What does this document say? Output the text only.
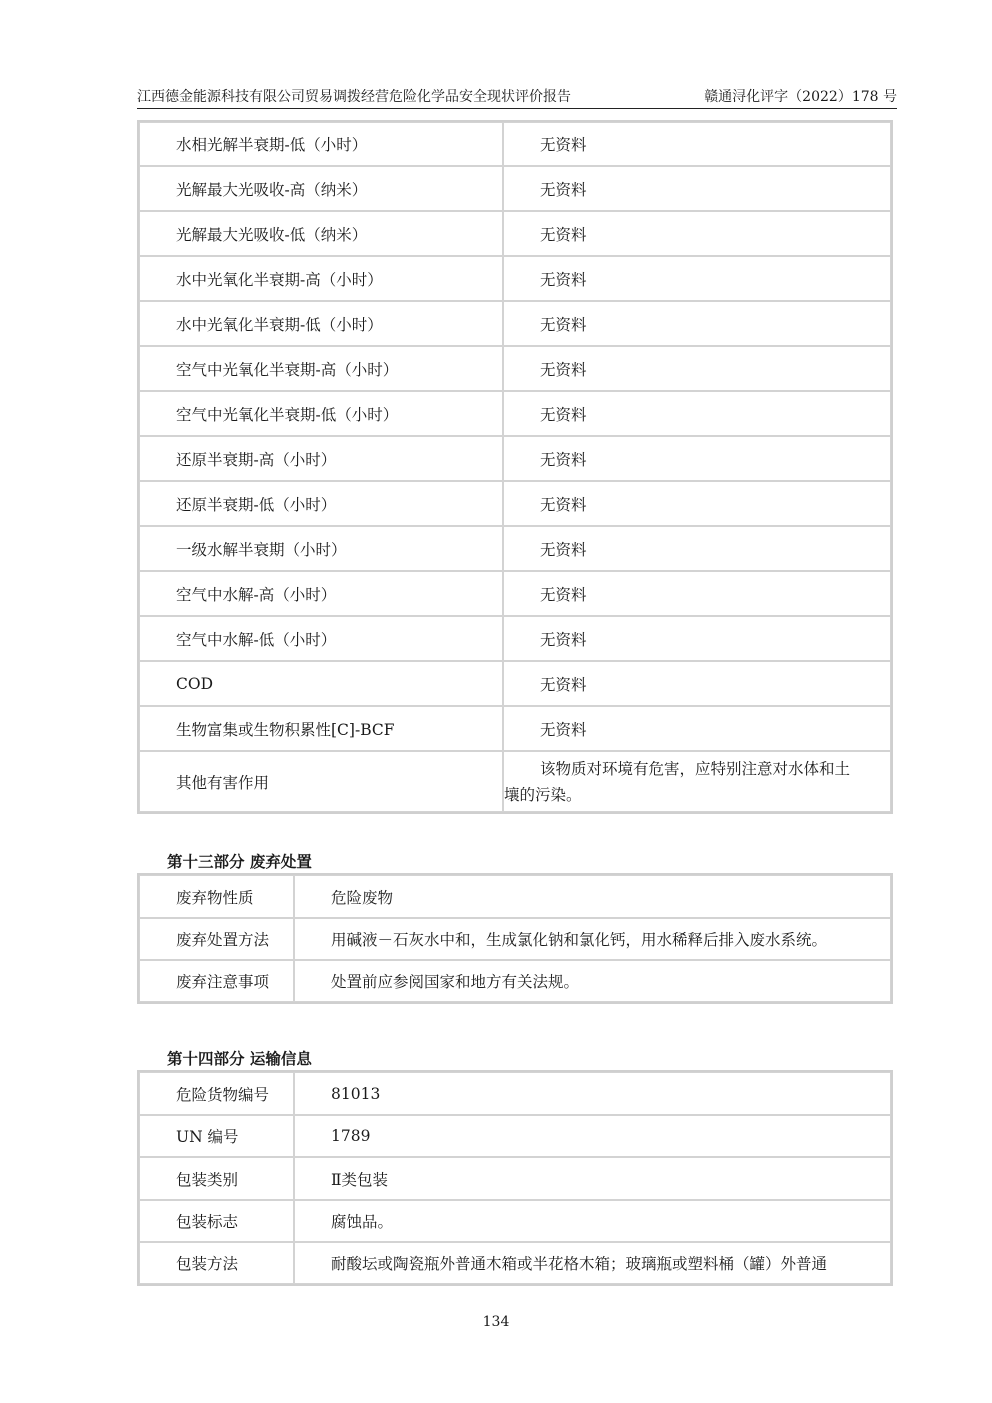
江西德金能源科技有限公司贸易调拨经营危险化学品安全现状评价报告	赣通浔化评字（2022）178 号
水相光解半衰期-低（小时）	无资料
光解最大光吸收-高（纳米）	无资料
光解最大光吸收-低（纳米）	无资料
水中光氧化半衰期-高（小时）	无资料
水中光氧化半衰期-低（小时）	无资料
空气中光氧化半衰期-高（小时）	无资料
空气中光氧化半衰期-低（小时）	无资料
还原半衰期-高（小时）	无资料
还原半衰期-低（小时）	无资料
一级水解半衰期（小时）	无资料
空气中水解-高（小时）	无资料
空气中水解-低（小时）	无资料
COD	无资料
生物富集或生物积累性[C]-BCF	无资料
其他有害作用	该物质对环境有危害，应特别注意对水体和土
壤的污染。
第十三部分 废弃处置
废弃物性质	危险废物
废弃处置方法	用碱液－石灰水中和，生成氯化钠和氯化钙，用水稀释后排入废水系统。
废弃注意事项	处置前应参阅国家和地方有关法规。
第十四部分 运输信息
危险货物编号	81013
UN 编号	1789
包装类别	Ⅱ类包装
包装标志	腐蚀品。
包装方法	耐酸坛或陶瓷瓶外普通木箱或半花格木箱；玻璃瓶或塑料桶（罐）外普通
134
